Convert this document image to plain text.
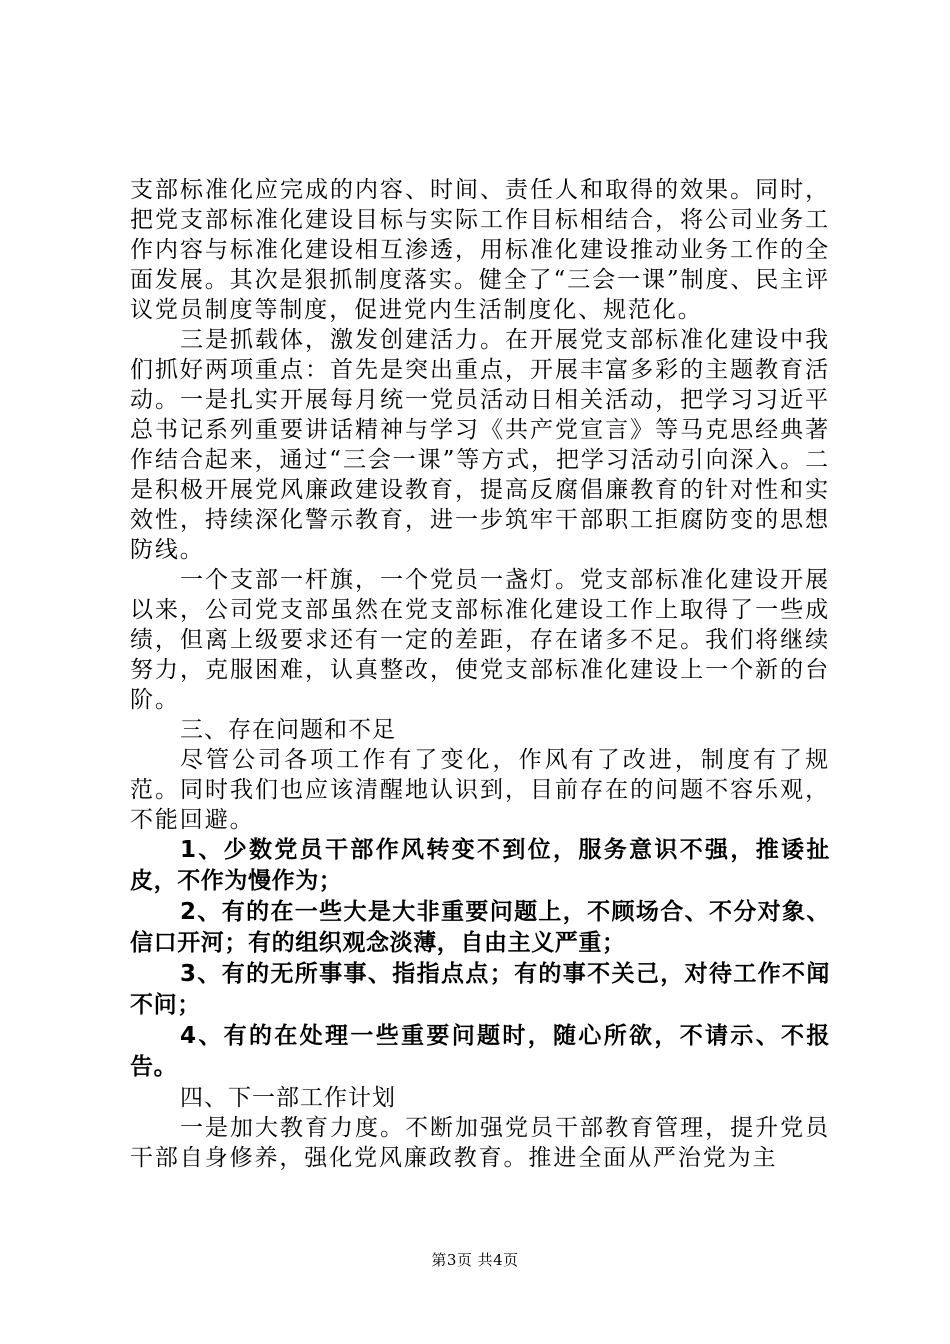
支部标准化应完成的内容、时间、责任人和取得的效果。同时，把党支部标准化建设目标与实际工作目标相结合，将公司业务工作内容与标准化建设相互渗透，用标准化建设推动业务工作的全面发展。其次是狠抓制度落实。健全了“三会一课”制度、民主评议党员制度等制度，促进党内生活制度化、规范化。

三是抓载体，激发创建活力。在开展党支部标准化建设中我们抓好两项重点：首先是突出重点，开展丰富多彩的主题教育活动。一是扎实开展每月统一党员活动日相关活动，把学习习近平总书记系列重要讲话精神与学习《共产党宣言》等马克思经典著作结合起来，通过“三会一课”等方式，把学习活动引向深入。二是积极开展党风廉政建设教育，提高反腐倡廉教育的针对性和实效性，持续深化警示教育，进一步筑牢干部职工拒腐防变的思想防线。

一个支部一杆旗，一个党员一盏灯。党支部标准化建设开展以来，公司党支部虽然在党支部标准化建设工作上取得了一些成绩，但离上级要求还有一定的差距，存在诸多不足。我们将继续努力，克服困难，认真整改，使党支部标准化建设上一个新的台阶。

三、存在问题和不足

尽管公司各项工作有了变化，作风有了改进，制度有了规范。同时我们也应该清醒地认识到，目前存在的问题不容乐观，不能回避。

1、少数党员干部作风转变不到位，服务意识不强，推诿扯皮，不作为慢作为；

2、有的在一些大是大非重要问题上，不顾场合、不分对象、信口开河；有的组织观念淡薄，自由主义严重；

3、有的无所事事、指指点点；有的事不关己，对待工作不闻不问；

4、有的在处理一些重要问题时，随心所欲，不请示、不报告。

四、下一部工作计划

一是加大教育力度。不断加强党员干部教育管理，提升党员干部自身修养，强化党风廉政教育。推进全面从严治党为主

第3页 共4页
